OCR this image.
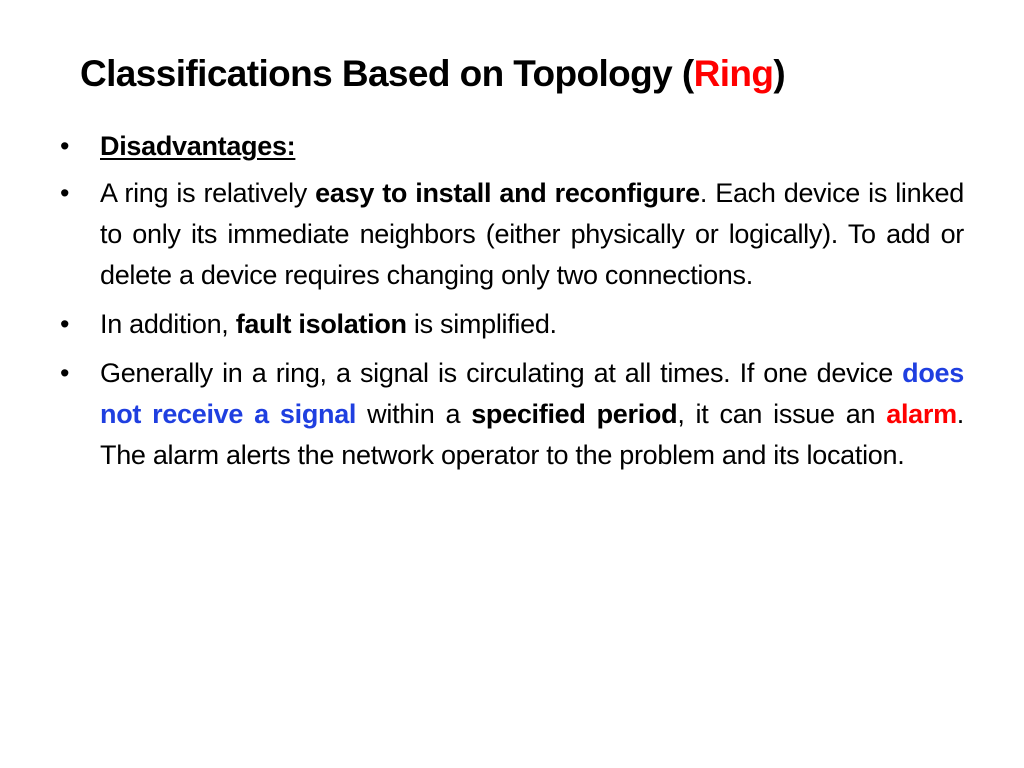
Classifications Based on Topology (Ring)
• Disadvantages:
• A ring is relatively easy to install and reconfigure. Each device is linked to only its immediate neighbors (either physically or logically). To add or delete a device requires changing only two connections.
• In addition, fault isolation is simplified.
• Generally in a ring, a signal is circulating at all times. If one device does not receive a signal within a specified period, it can issue an alarm. The alarm alerts the network operator to the problem and its location.
